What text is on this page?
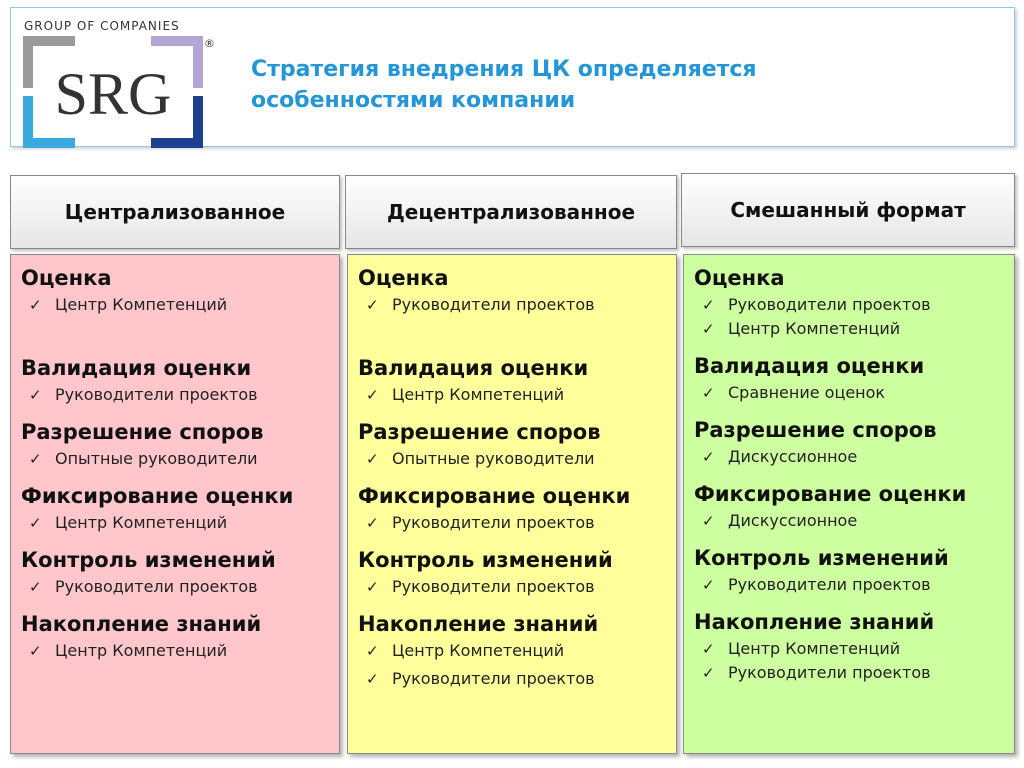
GROUP OF COMPANIES
SRG
®
Стратегия внедрения ЦК определяется
особенностями компании
Централизованное	Децентрализованное	Смешанный формат
Оценка
✓ Центр Компетенций
Валидация оценки
✓ Руководители проектов
Разрешение споров
✓ Опытные руководители
Фиксирование оценки
✓ Центр Компетенций
Контроль изменений
✓ Руководители проектов
Накопление знаний
✓ Центр Компетенций
Оценка
✓ Руководители проектов
Валидация оценки
✓ Центр Компетенций
Разрешение споров
✓ Опытные руководители
Фиксирование оценки
✓ Руководители проектов
Контроль изменений
✓ Руководители проектов
Накопление знаний
✓ Центр Компетенций
✓ Руководители проектов
Оценка
✓ Руководители проектов
✓ Центр Компетенций
Валидация оценки
✓ Сравнение оценок
Разрешение споров
✓ Дискуссионное
Фиксирование оценки
✓ Дискуссионное
Контроль изменений
✓ Руководители проектов
Накопление знаний
✓ Центр Компетенций
✓ Руководители проектов
